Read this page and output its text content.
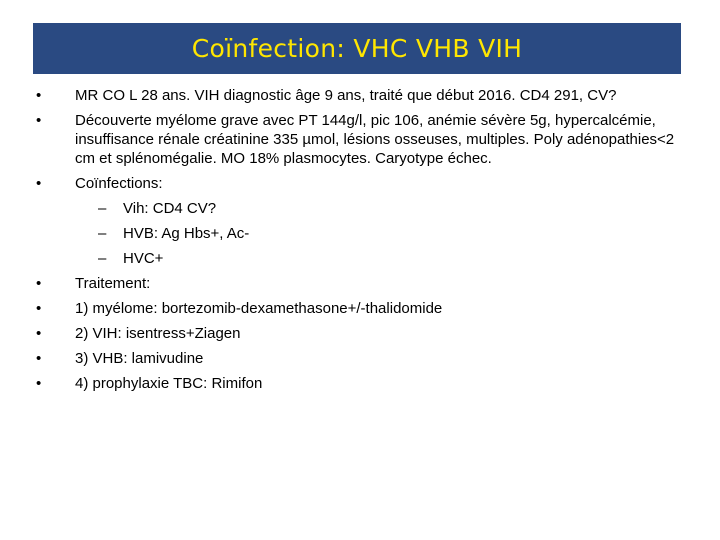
Coïnfection: VHC VHB VIH
•	MR CO L 28 ans. VIH diagnostic âge 9 ans, traité que début 2016. CD4 291, CV?
•	Découverte myélome grave avec PT 144g/l, pic 106, anémie sévère 5g, hypercalcémie, insuffisance rénale créatinine 335 µmol, lésions osseuses, multiples. Poly adénopathies<2 cm et splénomégalie. MO 18% plasmocytes. Caryotype échec.
•	Coïnfections:
– Vih: CD4 CV?
– HVB: Ag Hbs+, Ac-
– HVC+
•	Traitement:
•	1) myélome: bortezomib-dexamethasone+/-thalidomide
•	2) VIH: isentress+Ziagen
•	3) VHB: lamivudine
•	4) prophylaxie TBC: Rimifon
